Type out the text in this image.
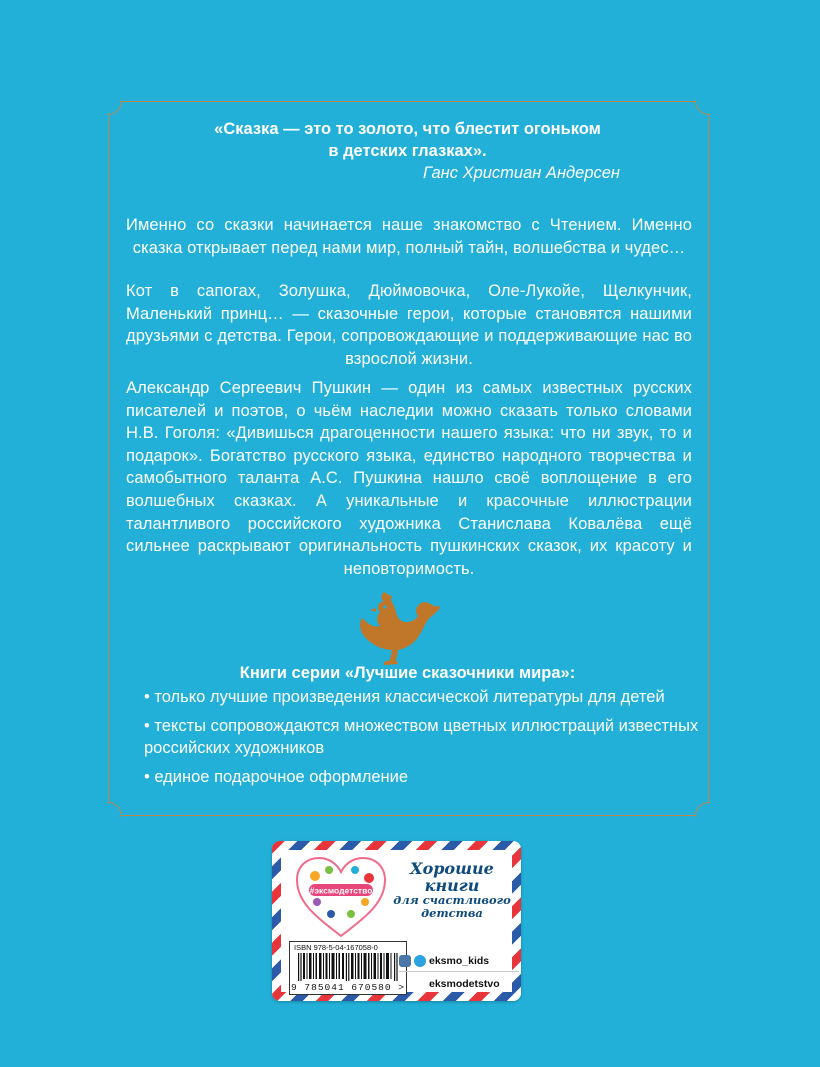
«Сказка — это то золото, что блестит огоньком
в детских глазках».
Ганс Христиан Андерсен
Именно со сказки начинается наше знакомство с Чтением. Именно сказка открывает перед нами мир, полный тайн, волшебства и чудес…
Кот в сапогах, Золушка, Дюймовочка, Оле-Лукойе, Щелкунчик, Маленький принц… — сказочные герои, которые становятся нашими друзьями с детства. Герои, сопровождающие и поддерживающие нас во взрослой жизни.
Александр Сергеевич Пушкин — один из самых известных русских писателей и поэтов, о чьём наследии можно сказать только словами Н.В. Гоголя: «Дивишься драгоценности нашего языка: что ни звук, то и подарок». Богатство русского языка, единство народного творчества и самобытного таланта А.С. Пушкина нашло своё воплощение в его волшебных сказках. А уникальные и красочные иллюстрации талантливого российского художника Станислава Ковалёва ещё сильнее раскрывают оригинальность пушкинских сказок, их красоту и неповторимость.
Книги серии «Лучшие сказочники мира»:
• только лучшие произведения классической литературы для детей
• тексты сопровождаются множеством цветных иллюстраций известных российских художников
• единое подарочное оформление
#эксмодетство
Хорошие
книги
для счастливого
детства
ISBN 978-5-04-167058-0
9 785041 670580 >
eksmo_kids
eksmodetstvo
